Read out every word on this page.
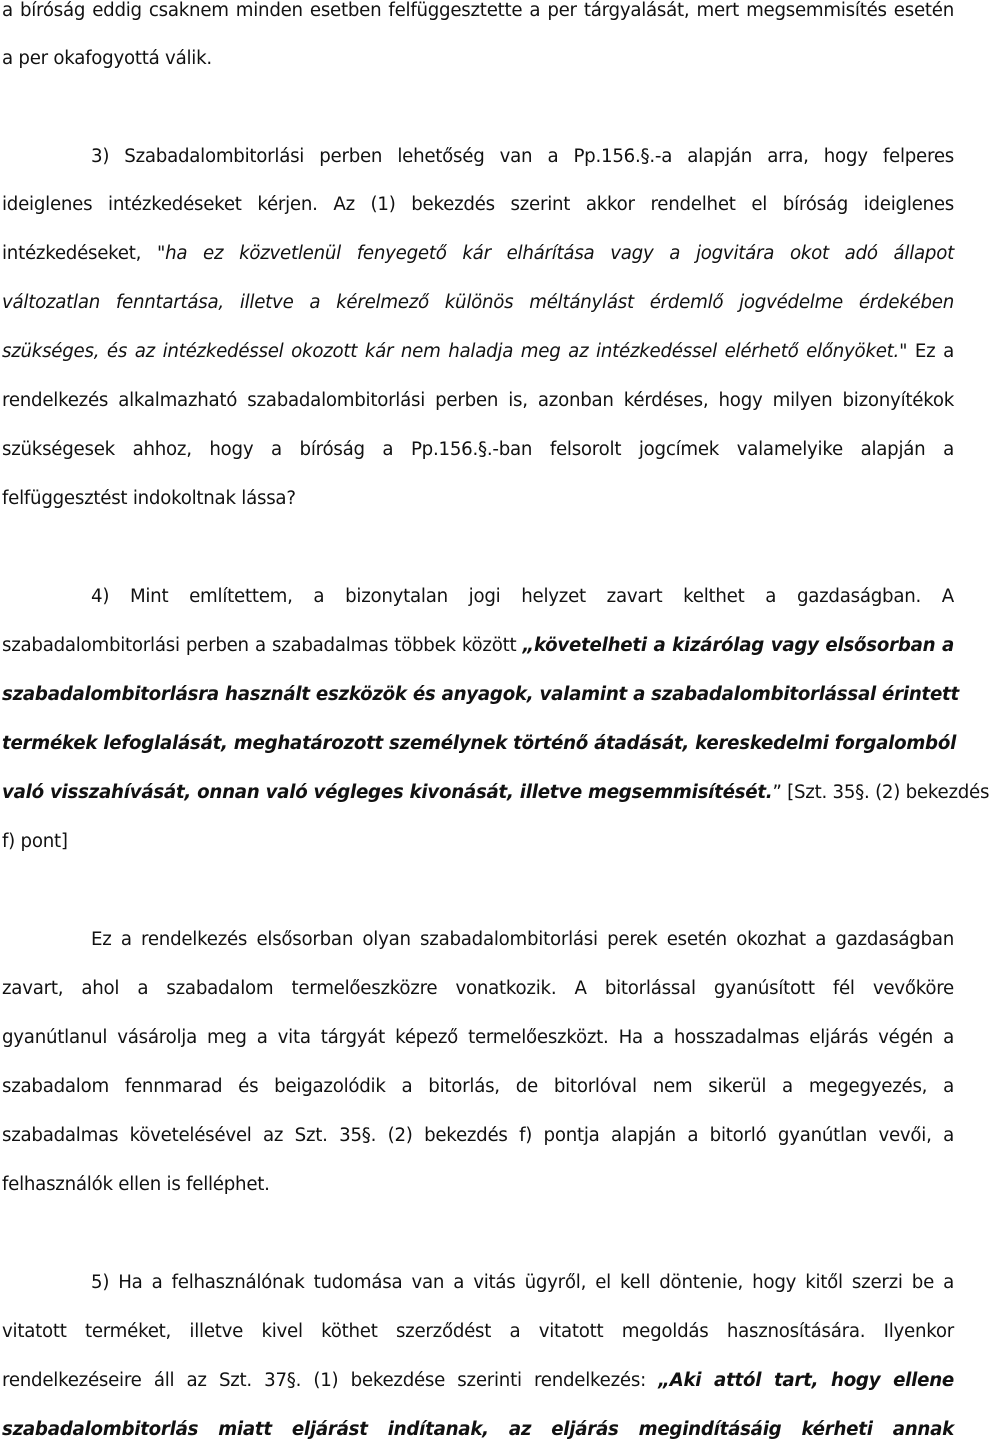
a bíróság eddig csaknem minden esetben felfüggesztette a per tárgyalását, mert megsemmisítés esetén
a per okafogyottá válik.
3) Szabadalombitorlási perben lehetőség van a Pp.156.§.-a alapján arra, hogy felperes
ideiglenes intézkedéseket kérjen. Az (1) bekezdés szerint akkor rendelhet el bíróság ideiglenes
intézkedéseket, "ha ez közvetlenül fenyegető kár elhárítása vagy a jogvitára okot adó állapot
változatlan fenntartása, illetve a kérelmező különös méltánylást érdemlő jogvédelme érdekében
szükséges, és az intézkedéssel okozott kár nem haladja meg az intézkedéssel elérhető előnyöket." Ez a
rendelkezés alkalmazható szabadalombitorlási perben is, azonban kérdéses, hogy milyen bizonyítékok
szükségesek ahhoz, hogy a bíróság a Pp.156.§.-ban felsorolt jogcímek valamelyike alapján a
felfüggesztést indokoltnak lássa?
4) Mint említettem, a bizonytalan jogi helyzet zavart kelthet a gazdaságban. A
szabadalombitorlási perben a szabadalmas többek között „követelheti a kizárólag vagy elsősorban a
szabadalombitorlásra használt eszközök és anyagok, valamint a szabadalombitorlással érintett
termékek lefoglalását, meghatározott személynek történő átadását, kereskedelmi forgalomból
való visszahívását, onnan való végleges kivonását, illetve megsemmisítését.” [Szt. 35§. (2) bekezdés
f) pont]
Ez a rendelkezés elsősorban olyan szabadalombitorlási perek esetén okozhat a gazdaságban
zavart, ahol a szabadalom termelőeszközre vonatkozik. A bitorlással gyanúsított fél vevőköre
gyanútlanul vásárolja meg a vita tárgyát képező termelőeszközt. Ha a hosszadalmas eljárás végén a
szabadalom fennmarad és beigazolódik a bitorlás, de bitorlóval nem sikerül a megegyezés, a
szabadalmas követelésével az Szt. 35§. (2) bekezdés f) pontja alapján a bitorló gyanútlan vevői, a
felhasználók ellen is felléphet.
5) Ha a felhasználónak tudomása van a vitás ügyről, el kell döntenie, hogy kitől szerzi be a
vitatott terméket, illetve kivel köthet szerződést a vitatott megoldás hasznosítására. Ilyenkor
rendelkezéseire áll az Szt. 37§. (1) bekezdése szerinti rendelkezés: „Aki attól tart, hogy ellene
szabadalombitorlás miatt eljárást indítanak, az eljárás megindításáig kérheti annak
